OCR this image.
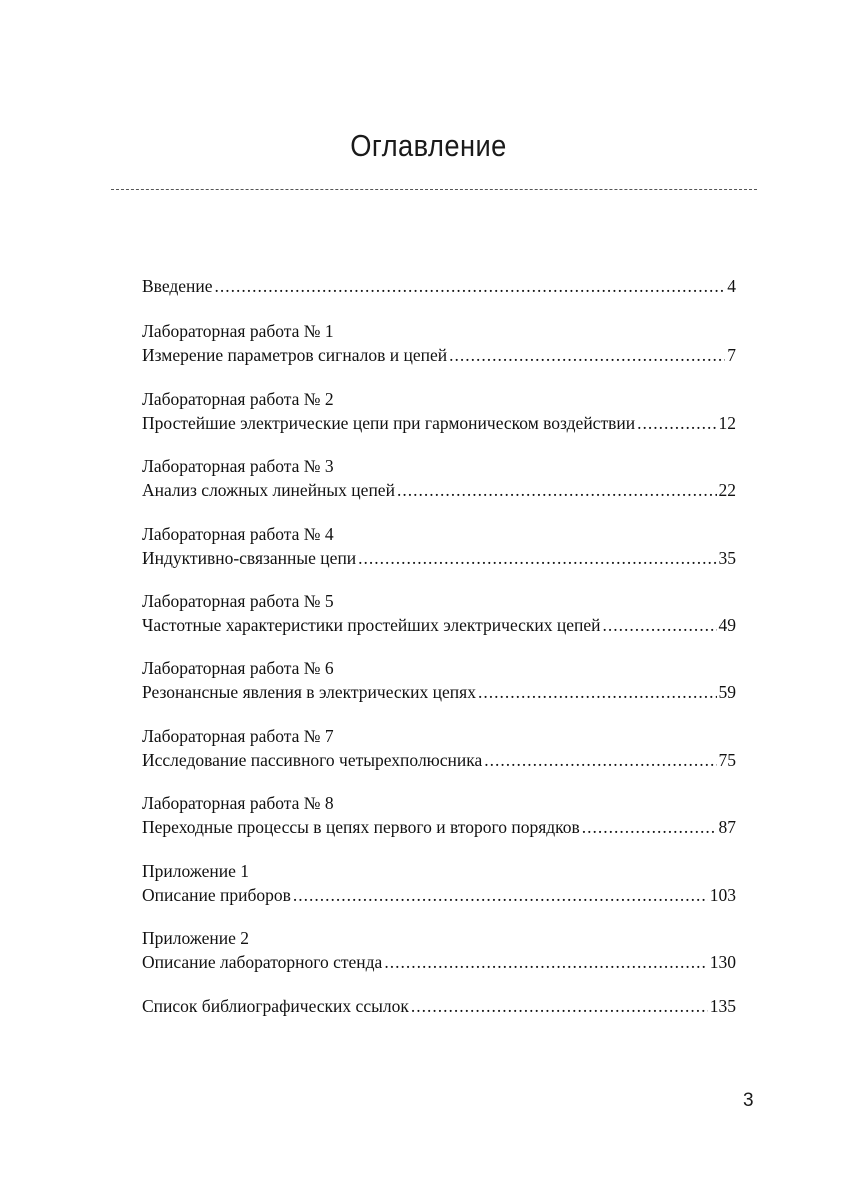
Оглавление
Введение .....	4
Лабораторная работа № 1
Измерение параметров сигналов и цепей .....	7
Лабораторная работа № 2
Простейшие электрические цепи при гармоническом воздействии .....	12
Лабораторная работа № 3
Анализ сложных линейных цепей .....	22
Лабораторная работа № 4
Индуктивно-связанные цепи .....	35
Лабораторная работа № 5
Частотные характеристики простейших электрических цепей .....	49
Лабораторная работа № 6
Резонансные явления в электрических цепях .....	59
Лабораторная работа № 7
Исследование пассивного четырехполюсника .....	75
Лабораторная работа № 8
Переходные процессы в цепях первого и второго порядков .....	87
Приложение 1
Описание приборов .....	103
Приложение 2
Описание лабораторного стенда .....	130
Список библиографических ссылок .....	135
3
